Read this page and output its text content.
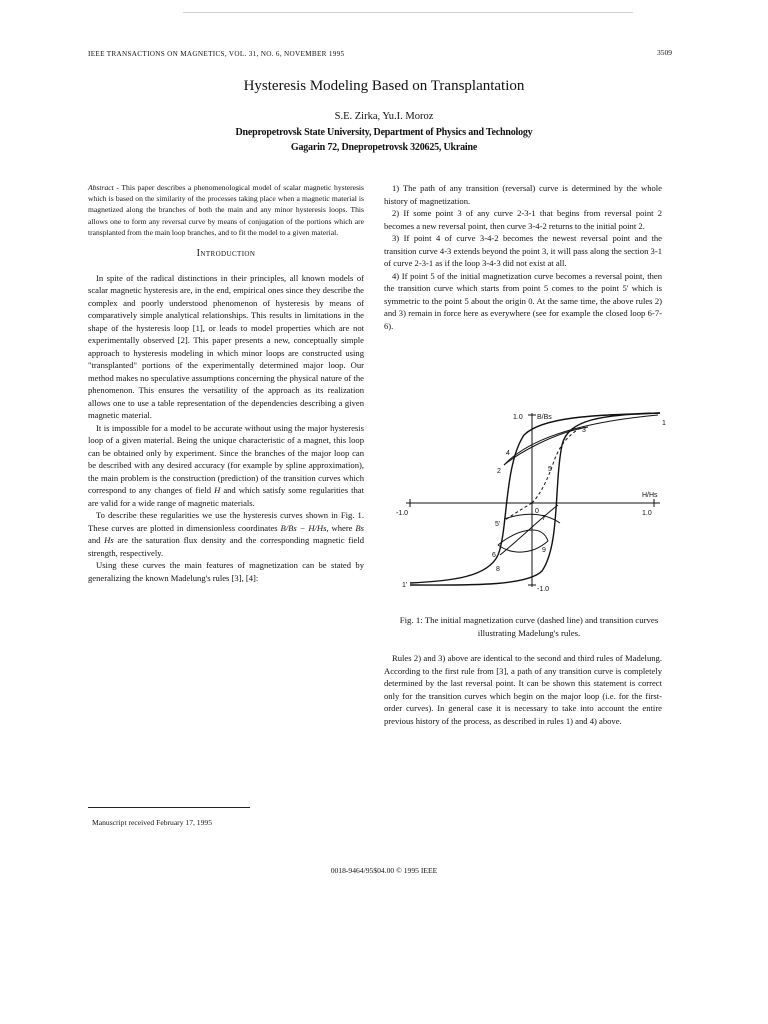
IEEE TRANSACTIONS ON MAGNETICS, VOL. 31, NO. 6, NOVEMBER 1995	3509
Hysteresis Modeling Based on Transplantation
S.E. Zirka, Yu.I. Moroz
Dnepropetrovsk State University, Department of Physics and Technology
Gagarin 72, Dnepropetrovsk 320625, Ukraine

Abstract - This paper describes a phenomenological model of scalar magnetic hysteresis which is based on the similarity of the processes taking place when a magnetic material is magnetized along the branches of both the main and any minor hysteresis loops. This allows one to form any reversal curve by means of conjugation of the portions which are transplanted from the main loop branches, and to fit the model to a given material.

Introduction

In spite of the radical distinctions in their principles, all known models of scalar magnetic hysteresis are, in the end, empirical ones since they describe the complex and poorly understood phenomenon of hysteresis by means of comparatively simple analytical relationships. This results in limitations in the shape of the hysteresis loop [1], or leads to model properties which are not experimentally observed [2]. This paper presents a new, conceptually simple approach to hysteresis modeling in which minor loops are constructed using "transplanted" portions of the experimentally determined major loop. Our method makes no speculative assumptions concerning the physical nature of the phenomenon. This ensures the versatility of the approach as its realization allows one to use a table representation of the dependencies describing a given magnetic material.

It is impossible for a model to be accurate without using the major hysteresis loop of a given material. Being the unique characteristic of a magnet, this loop can be obtained only by experiment. Since the branches of the major loop can be described with any desired accuracy (for example by spline approximation), the main problem is the construction (prediction) of the transition curves which correspond to any changes of field H and which satisfy some regularities that are valid for a wide range of magnetic materials.

To describe these regularities we use the hysteresis curves shown in Fig. 1. These curves are plotted in dimensionless coordinates B/Bs − H/Hs, where Bs and Hs are the saturation flux density and the corresponding magnetic field strength, respectively.

Using these curves the main features of magnetization can be stated by generalizing the known Madelung's rules [3], [4]:

1) The path of any transition (reversal) curve is determined by the whole history of magnetization.

2) If some point 3 of any curve 2-3-1 that begins from reversal point 2 becomes a new reversal point, then curve 3-4-2 returns to the initial point 2.

3) If point 4 of curve 3-4-2 becomes the newest reversal point and the transition curve 4-3 extends beyond the point 3, it will pass along the section 3-1 of curve 2-3-1 as if the loop 3-4-3 did not exist at all.

4) If point 5 of the initial magnetization curve becomes a reversal point, then the transition curve which starts from point 5 comes to the point 5' which is symmetric to the point 5 about the origin 0. At the same time, the above rules 2) and 3) remain in force here as everywhere (see for example the closed loop 6-7-6).

1.0 B/Bs
-1.0
-1.0	1.0
H/Hs
1
2
3
4
5
5'
6
7
8
9
0
1'
Fig. 1: The initial magnetization curve (dashed line) and transition curves illustrating Madelung's rules.

Rules 2) and 3) above are identical to the second and third rules of Madelung. According to the first rule from [3], a path of any transition curve is completely determined by the last reversal point. It can be shown this statement is correct only for the transition curves which begin on the major loop (i.e. for the first-order curves). In general case it is necessary to take into account the entire previous history of the process, as described in rules 1) and 4) above.

Manuscript received February 17, 1995
0018-9464/95$04.00 © 1995 IEEE
